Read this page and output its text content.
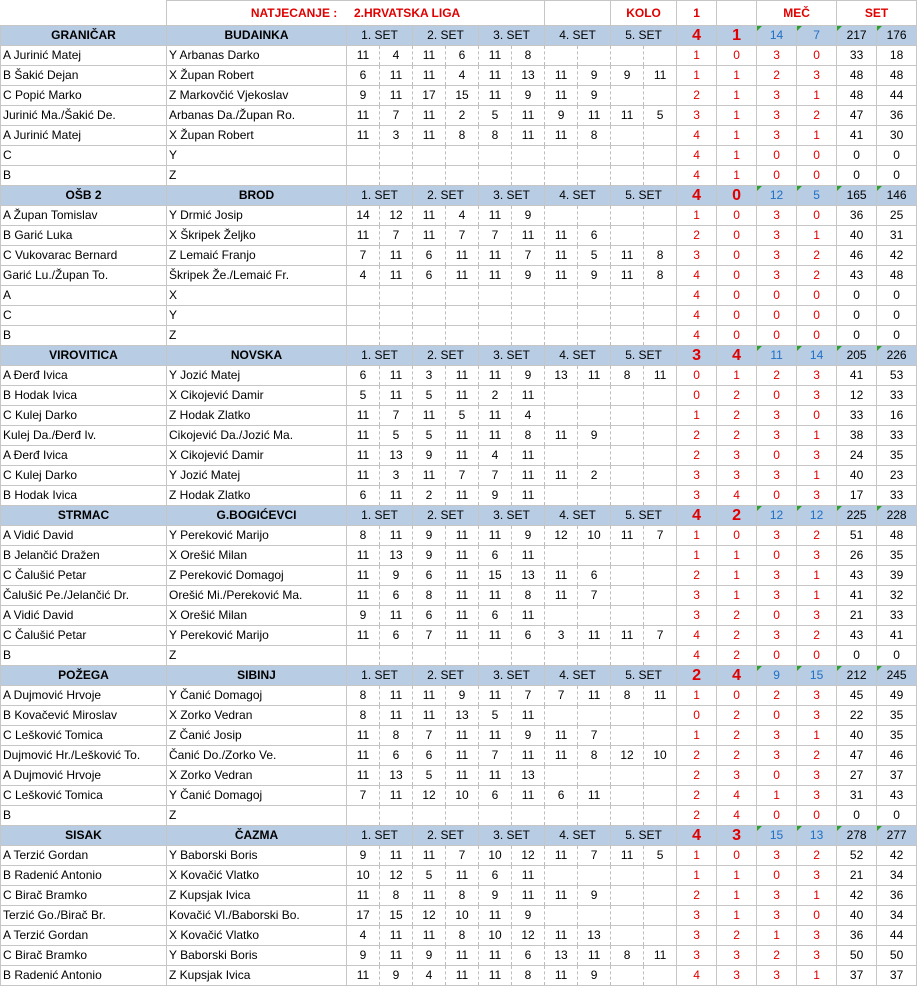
	NATJECANJE : 2.HRVATSKA LIGA									KOLO		1		MEČ		SET	
GRANIČAR	BUDAINKA	1. SET		2. SET		3. SET		4. SET		5. SET		4	1	14	7	217	176	
A Jurinić Matej	Y Arbanas Darko	11	4	11	6	11	8					1	0	3	0	33	18	
B Šakić Dejan	X Župan Robert	6	11	11	4	11	13	11	9	9	11	1	1	2	3	48	48	
C Popić Marko	Z Markovčić Vjekoslav	9	11	17	15	11	9	11	9			2	1	3	1	48	44	
Jurinić Ma./Šakić De.	Arbanas Da./Župan Ro.	11	7	11	2	5	11	9	11	11	5	3	1	3	2	47	36	
A Jurinić Matej	X Župan Robert	11	3	11	8	8	11	11	8			4	1	3	1	41	30	
C	Y											4	1	0	0	0	0	
B	Z											4	1	0	0	0	0	
OŠB 2	BROD	1. SET		2. SET		3. SET		4. SET		5. SET		4	0	12	5	165	146	
A Župan Tomislav	Y Drmić Josip	14	12	11	4	11	9					1	0	3	0	36	25	
B Garić Luka	X Škripek Željko	11	7	11	7	7	11	11	6			2	0	3	1	40	31	
C Vukovarac Bernard	Z Lemaić Franjo	7	11	6	11	11	7	11	5	11	8	3	0	3	2	46	42	
Garić Lu./Župan To.	Škripek Že./Lemaić Fr.	4	11	6	11	11	9	11	9	11	8	4	0	3	2	43	48	
A	X											4	0	0	0	0	0	
C	Y											4	0	0	0	0	0	
B	Z											4	0	0	0	0	0	
VIROVITICA	NOVSKA	1. SET		2. SET		3. SET		4. SET		5. SET		3	4	11	14	205	226	
A Đerđ Ivica	Y Jozić Matej	6	11	3	11	11	9	13	11	8	11	0	1	2	3	41	53	
B Hodak Ivica	X Cikojević Damir	5	11	5	11	2	11					0	2	0	3	12	33	
C Kulej Darko	Z Hodak Zlatko	11	7	11	5	11	4					1	2	3	0	33	16	
Kulej Da./Đerđ Iv.	Cikojević Da./Jozić Ma.	11	5	5	11	11	8	11	9			2	2	3	1	38	33	
A Đerđ Ivica	X Cikojević Damir	11	13	9	11	4	11					2	3	0	3	24	35	
C Kulej Darko	Y Jozić Matej	11	3	11	7	7	11	11	2			3	3	3	1	40	23	
B Hodak Ivica	Z Hodak Zlatko	6	11	2	11	9	11					3	4	0	3	17	33	
STRMAC	G.BOGIĆEVCI	1. SET		2. SET		3. SET		4. SET		5. SET		4	2	12	12	225	228	
A Vidić David	Y Pereković Marijo	8	11	9	11	11	9	12	10	11	7	1	0	3	2	51	48	
B Jelančić Dražen	X Orešić Milan	11	13	9	11	6	11					1	1	0	3	26	35	
C Čalušić Petar	Z Pereković Domagoj	11	9	6	11	15	13	11	6			2	1	3	1	43	39	
Čalušić Pe./Jelančić Dr.	Orešić Mi./Pereković Ma.	11	6	8	11	11	8	11	7			3	1	3	1	41	32	
A Vidić David	X Orešić Milan	9	11	6	11	6	11					3	2	0	3	21	33	
C Čalušić Petar	Y Pereković Marijo	11	6	7	11	11	6	3	11	11	7	4	2	3	2	43	41	
B	Z											4	2	0	0	0	0	
POŽEGA	SIBINJ	1. SET		2. SET		3. SET		4. SET		5. SET		2	4	9	15	212	245	
A Dujmović Hrvoje	Y Čanić Domagoj	8	11	11	9	11	7	7	11	8	11	1	0	2	3	45	49	
B Kovačević Miroslav	X Zorko Vedran	8	11	11	13	5	11					0	2	0	3	22	35	
C Lešković Tomica	Z Čanić Josip	11	8	7	11	11	9	11	7			1	2	3	1	40	35	
Dujmović Hr./Lešković To.	Čanić Do./Zorko Ve.	11	6	6	11	7	11	11	8	12	10	2	2	3	2	47	46	
A Dujmović Hrvoje	X Zorko Vedran	11	13	5	11	11	13					2	3	0	3	27	37	
C Lešković Tomica	Y Čanić Domagoj	7	11	12	10	6	11	6	11			2	4	1	3	31	43	
B	Z											2	4	0	0	0	0	
SISAK	ČAZMA	1. SET		2. SET		3. SET		4. SET		5. SET		4	3	15	13	278	277	
A Terzić Gordan	Y Baborski Boris	9	11	11	7	10	12	11	7	11	5	1	0	3	2	52	42	
B Radenić Antonio	X Kovačić Vlatko	10	12	5	11	6	11					1	1	0	3	21	34	
C Birač Bramko	Z Kupsjak Ivica	11	8	11	8	9	11	11	9			2	1	3	1	42	36	
Terzić Go./Birač Br.	Kovačić Vl./Baborski Bo.	17	15	12	10	11	9					3	1	3	0	40	34	
A Terzić Gordan	X Kovačić Vlatko	4	11	11	8	10	12	11	13			3	2	1	3	36	44	
C Birač Bramko	Y Baborski Boris	9	11	9	11	11	6	13	11	8	11	3	3	2	3	50	50	
B Radenić Antonio	Z Kupsjak Ivica	11	9	4	11	11	8	11	9			4	3	3	1	37	37	
